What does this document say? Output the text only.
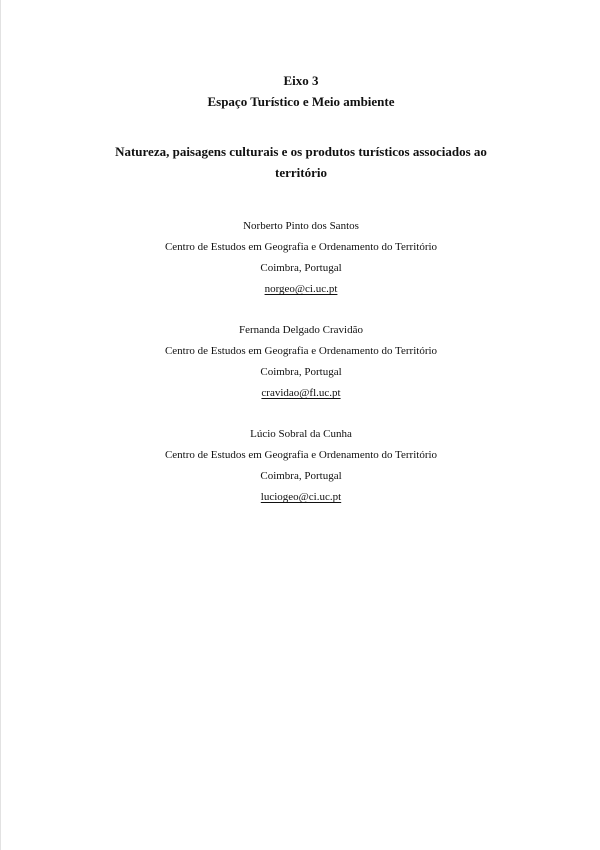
Eixo 3
Espaço Turístico e Meio ambiente
Natureza, paisagens culturais e os produtos turísticos associados ao
território
Norberto Pinto dos Santos
Centro de Estudos em Geografia e Ordenamento do Território
Coimbra, Portugal
norgeo@ci.uc.pt
Fernanda Delgado Cravidão
Centro de Estudos em Geografia e Ordenamento do Território
Coimbra, Portugal
cravidao@fl.uc.pt
Lúcio Sobral da Cunha
Centro de Estudos em Geografia e Ordenamento do Território
Coimbra, Portugal
luciogeo@ci.uc.pt
